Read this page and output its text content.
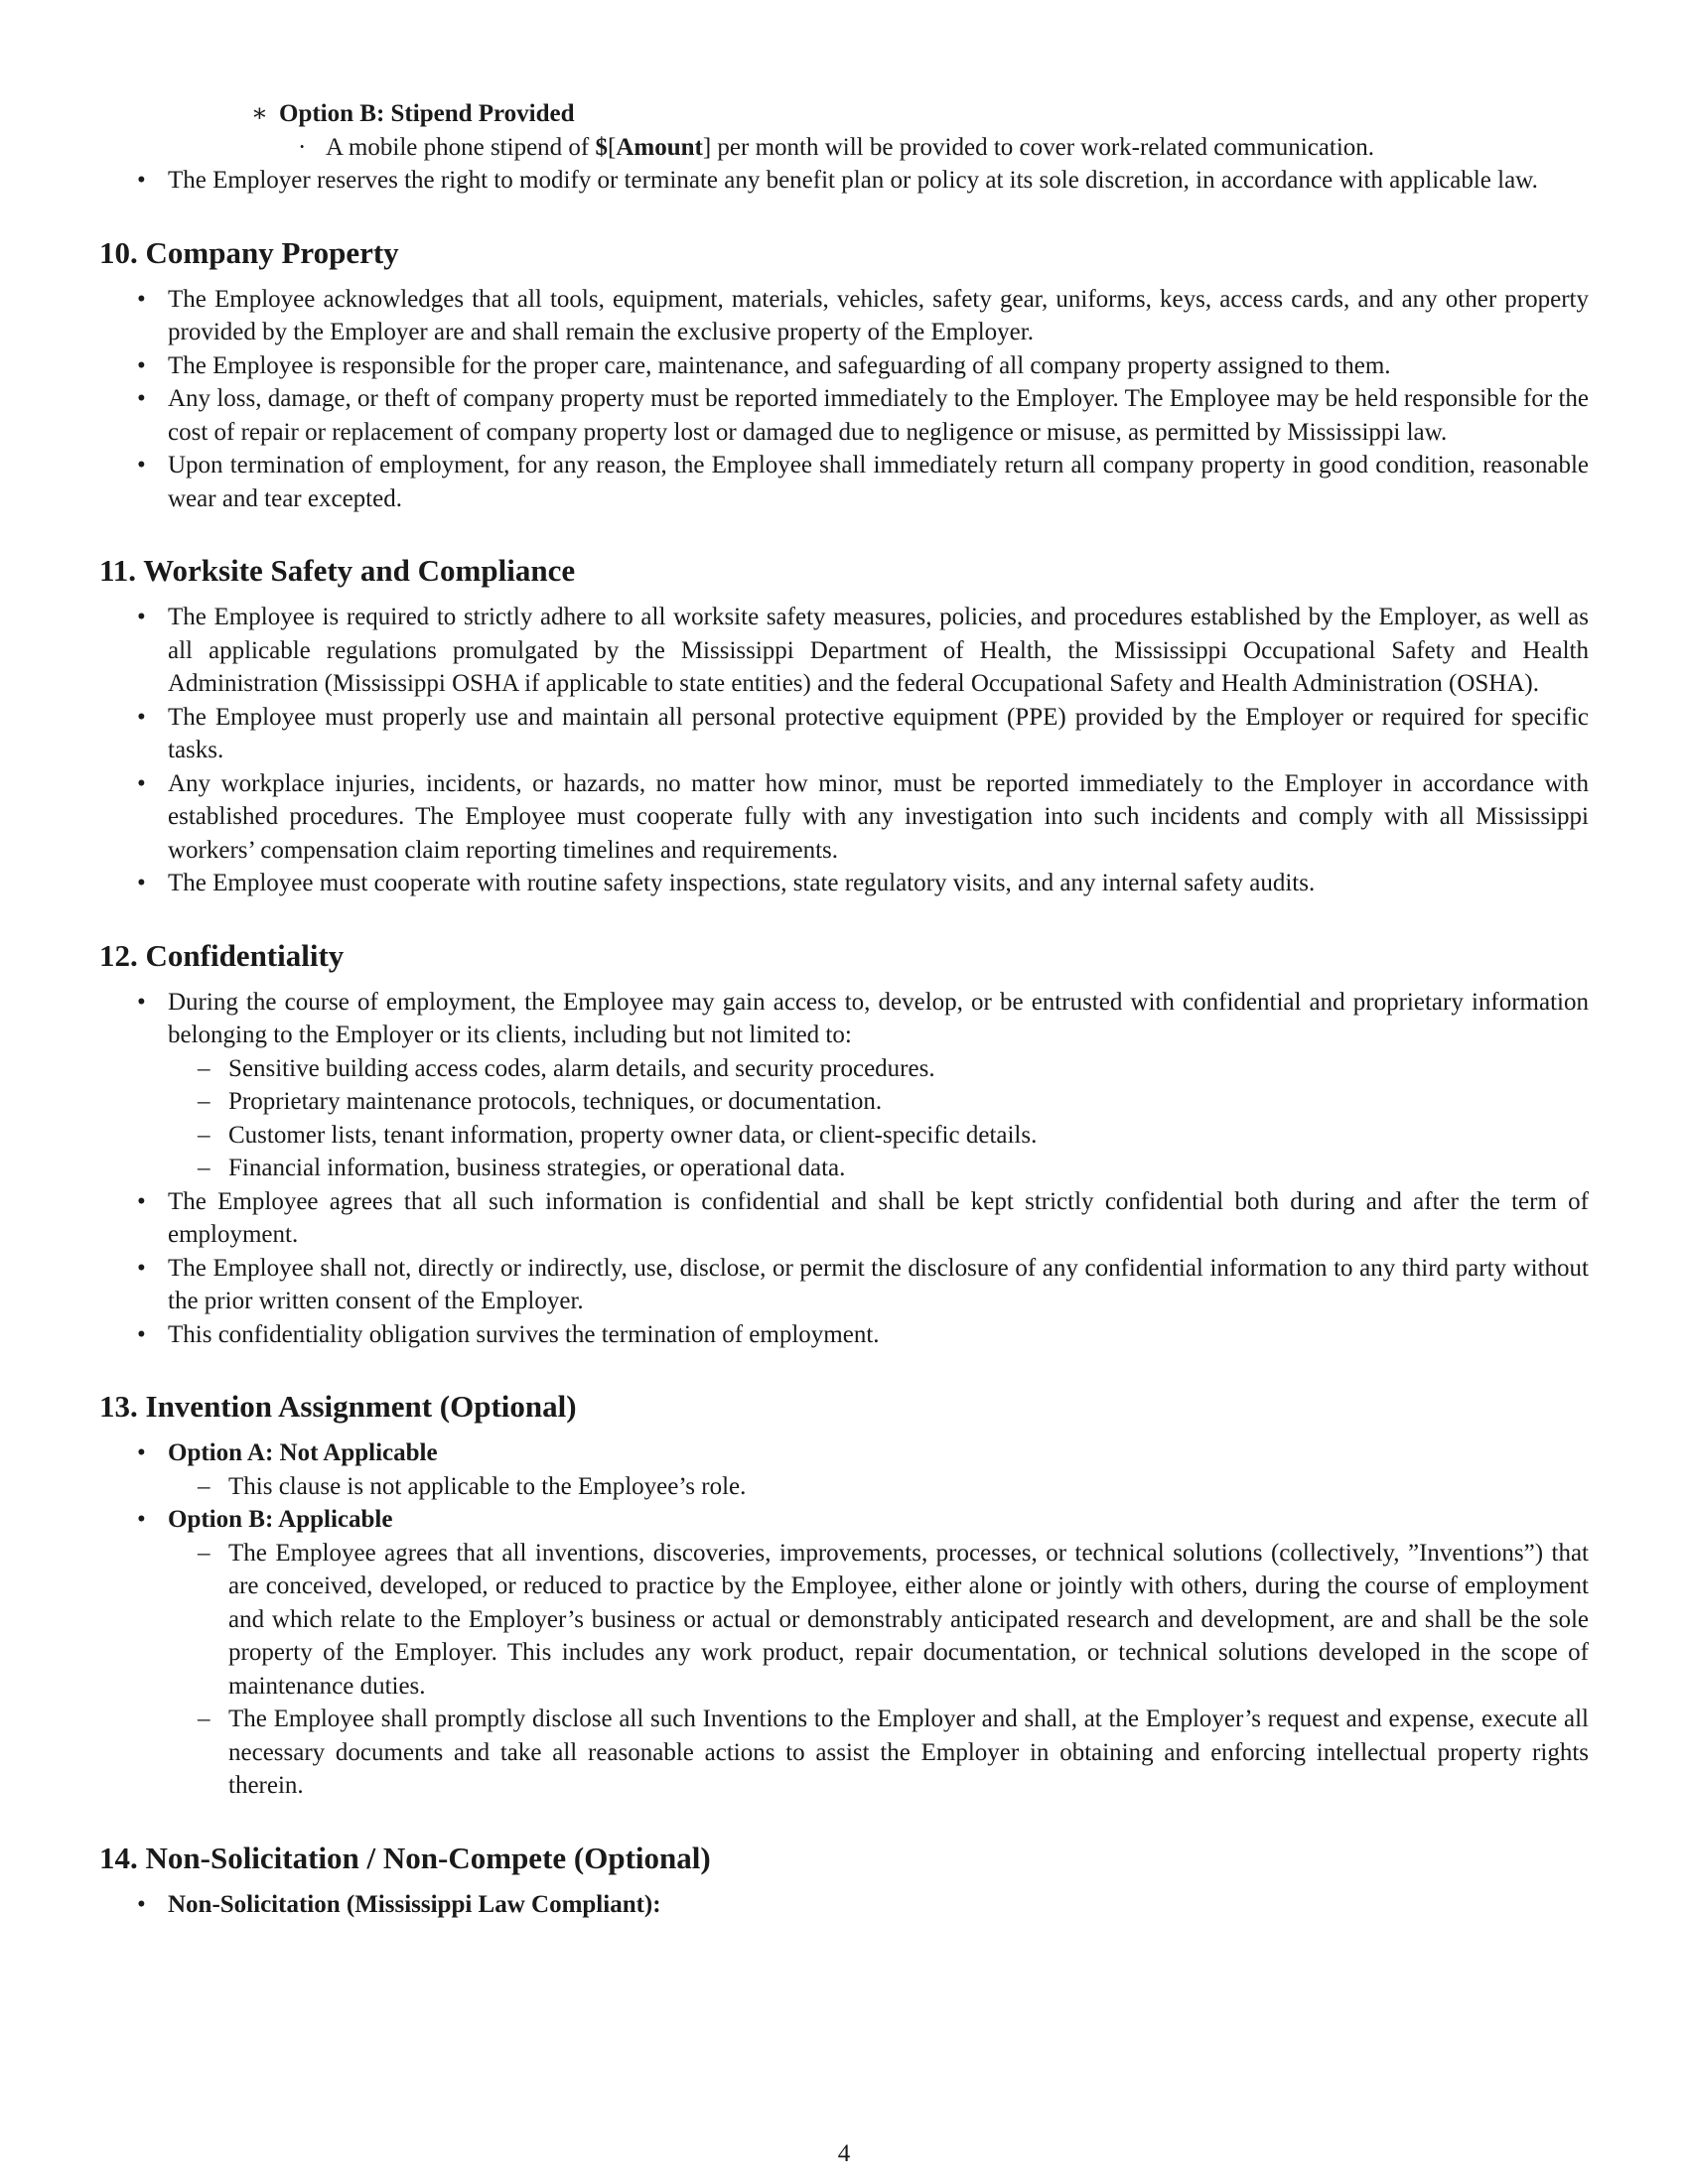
∗ Option B: Stipend Provided
· A mobile phone stipend of $[Amount] per month will be provided to cover work-related communication.
• The Employer reserves the right to modify or terminate any benefit plan or policy at its sole discretion, in accordance with applicable law.
10. Company Property
• The Employee acknowledges that all tools, equipment, materials, vehicles, safety gear, uniforms, keys, access cards, and any other property provided by the Employer are and shall remain the exclusive property of the Employer.
• The Employee is responsible for the proper care, maintenance, and safeguarding of all company property assigned to them.
• Any loss, damage, or theft of company property must be reported immediately to the Employer. The Employee may be held responsible for the cost of repair or replacement of company property lost or damaged due to negligence or misuse, as permitted by Mississippi law.
• Upon termination of employment, for any reason, the Employee shall immediately return all company property in good condition, reasonable wear and tear excepted.
11. Worksite Safety and Compliance
• The Employee is required to strictly adhere to all worksite safety measures, policies, and procedures established by the Employer, as well as all applicable regulations promulgated by the Mississippi Department of Health, the Mississippi Occupational Safety and Health Administration (Mississippi OSHA if applicable to state entities) and the federal Occupational Safety and Health Administration (OSHA).
• The Employee must properly use and maintain all personal protective equipment (PPE) provided by the Employer or required for specific tasks.
• Any workplace injuries, incidents, or hazards, no matter how minor, must be reported immediately to the Employer in accordance with established procedures. The Employee must cooperate fully with any investigation into such incidents and comply with all Mississippi workers’ compensation claim reporting timelines and requirements.
• The Employee must cooperate with routine safety inspections, state regulatory visits, and any internal safety audits.
12. Confidentiality
• During the course of employment, the Employee may gain access to, develop, or be entrusted with confidential and proprietary information belonging to the Employer or its clients, including but not limited to:
– Sensitive building access codes, alarm details, and security procedures.
– Proprietary maintenance protocols, techniques, or documentation.
– Customer lists, tenant information, property owner data, or client-specific details.
– Financial information, business strategies, or operational data.
• The Employee agrees that all such information is confidential and shall be kept strictly confidential both during and after the term of employment.
• The Employee shall not, directly or indirectly, use, disclose, or permit the disclosure of any confidential information to any third party without the prior written consent of the Employer.
• This confidentiality obligation survives the termination of employment.
13. Invention Assignment (Optional)
• Option A: Not Applicable
– This clause is not applicable to the Employee’s role.
• Option B: Applicable
– The Employee agrees that all inventions, discoveries, improvements, processes, or technical solutions (collectively, ”Inventions”) that are conceived, developed, or reduced to practice by the Employee, either alone or jointly with others, during the course of employment and which relate to the Employer’s business or actual or demonstrably anticipated research and development, are and shall be the sole property of the Employer. This includes any work product, repair documentation, or technical solutions developed in the scope of maintenance duties.
– The Employee shall promptly disclose all such Inventions to the Employer and shall, at the Employer’s request and expense, execute all necessary documents and take all reasonable actions to assist the Employer in obtaining and enforcing intellectual property rights therein.
14. Non-Solicitation / Non-Compete (Optional)
• Non-Solicitation (Mississippi Law Compliant):
4
